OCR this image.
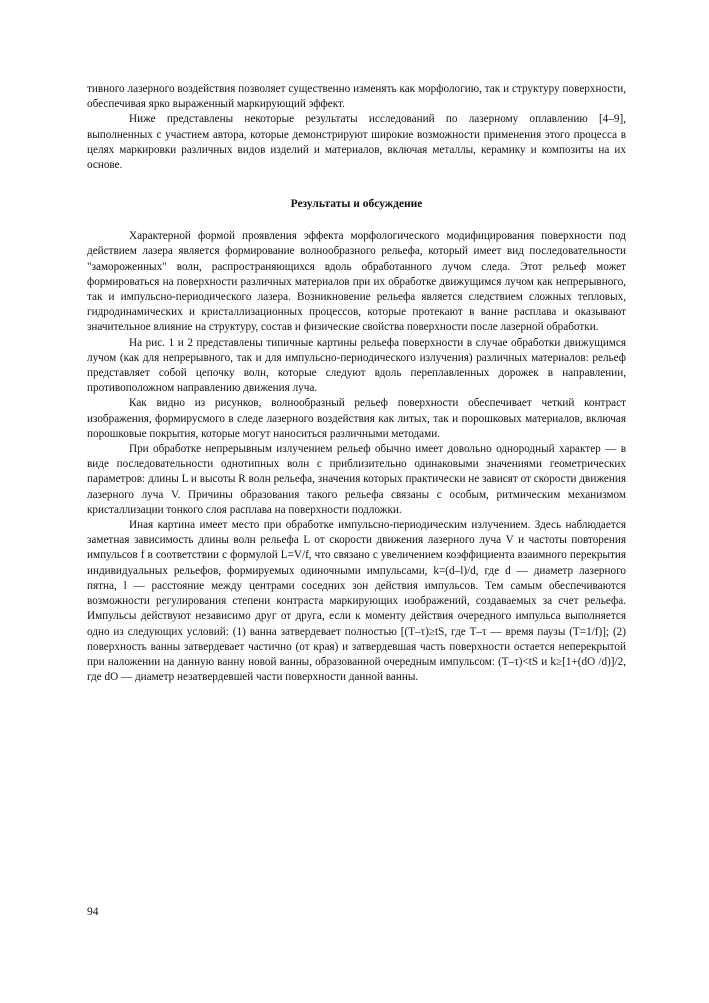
тивного лазерного воздействия позволяет существенно изменять как морфологию, так и структуру поверхности, обеспечивая ярко выраженный маркирующий эффект.

Ниже представлены некоторые результаты исследований по лазерному оплавлению [4–9], выполненных с участием автора, которые демонстрируют широкие возможности применения этого процесса в целях маркировки различных видов изделий и материалов, включая металлы, керамику и композиты на их основе.

Результаты и обсуждение

Характерной формой проявления эффекта морфологического модифицирования поверхности под действием лазера является формирование волнообразного рельефа, который имеет вид последовательности "замороженных" волн, распространяющихся вдоль обработанного лучом следа. Этот рельеф может формироваться на поверхности различных материалов при их обработке движущимся лучом как непрерывного, так и импульсно-периодического лазера. Возникновение рельефа является следствием сложных тепловых, гидродинамических и кристаллизационных процессов, которые протекают в ванне расплава и оказывают значительное влияние на структуру, состав и физические свойства поверхности после лазерной обработки.

На рис. 1 и 2 представлены типичные картины рельефа поверхности в случае обработки движущимся лучом (как для непрерывного, так и для импульсно-периодического излучения) различных материалов: рельеф представляет собой цепочку волн, которые следуют вдоль переплавленных дорожек в направлении, противоположном направлению движения луча.

Как видно из рисунков, волнообразный рельеф поверхности обеспечивает четкий контраст изображения, формирусмого в следе лазерного воздействия как литых, так и порошковых материалов, включая порошковые покрытия, которые могут наноситься различными методами.

При обработке непрерывным излучением рельеф обычно имеет довольно однородный характер — в виде последовательности однотипных волн с приблизительно одинаковыми значениями геометрических параметров: длины L и высоты R волн рельефа, значения которых практически не зависят от скорости движения лазерного луча V. Причины образования такого рельефа связаны с особым, ритмическим механизмом кристаллизации тонкого слоя расплава на поверхности подложки.

Иная картина имеет место при обработке импульсно-периодическим излучением. Здесь наблюдается заметная зависимость длины волн рельефа L от скорости движения лазерного луча V и частоты повторения импульсов f в соответствии с формулой L=V/f, что связано с увеличением коэффициента взаимного перекрытия индивидуальных рельефов, формируемых одиночными импульсами, k=(d–l)/d, где d — диаметр лазерного пятна, l — расстояние между центрами соседних зон действия импульсов. Тем самым обеспечиваются возможности регулирования степени контраста маркирующих изображений, создаваемых за счет рельефа. Импульсы действуют независимо друг от друга, если к моменту действия очередного импульса выполняется одно из следующих условий: (1) ванна затвердевает полностью [(T–τ)≥tS, где T–τ — время паузы (T=1/f)]; (2) поверхность ванны затвердевает частично (от края) и затвердевшая часть поверхности остается неперекрытой при наложении на данную ванну новой ванны, образованной очередным импульсом: (T–τ)<tS и k≥[1+(dO /d)]/2, где dO — диаметр незатвердевшей части поверхности данной ванны.

94
